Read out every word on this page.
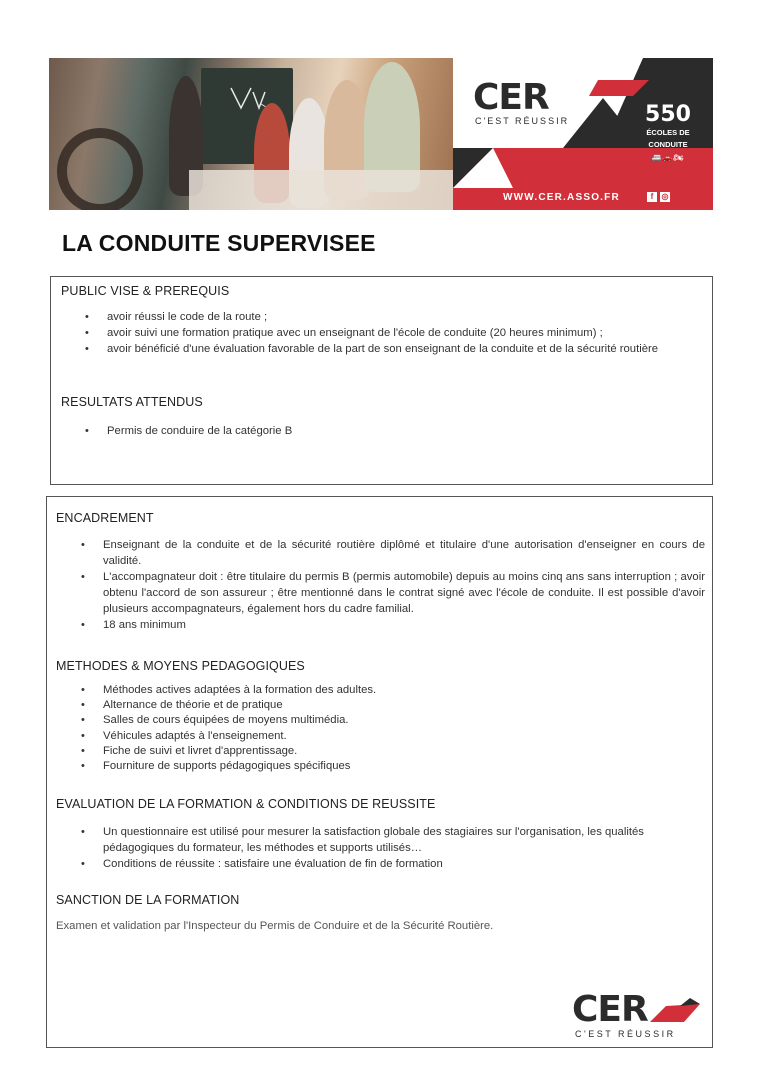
CER
C'EST RÉUSSIR	550
ÉCOLES DE
CONDUITE
🚐🚗🏍
WWW.CER.ASSO.FR	f	◎
LA CONDUITE SUPERVISEE
PUBLIC VISE & PREREQUIS
• avoir réussi le code de la route ;
• avoir suivi une formation pratique avec un enseignant de l'école de conduite (20 heures minimum) ;
• avoir bénéficié d'une évaluation favorable de la part de son enseignant de la conduite et de la sécurité routière
RESULTATS ATTENDUS
• Permis de conduire de la catégorie B
ENCADREMENT
• Enseignant de la conduite et de la sécurité routière diplômé et titulaire d'une autorisation d'enseigner en cours de validité.
• L'accompagnateur doit : être titulaire du permis B (permis automobile) depuis au moins cinq ans sans interruption ; avoir obtenu l'accord de son assureur ; être mentionné dans le contrat signé avec l'école de conduite. Il est possible d'avoir plusieurs accompagnateurs, également hors du cadre familial.
• 18 ans minimum
METHODES & MOYENS PEDAGOGIQUES
• Méthodes actives adaptées à la formation des adultes.
• Alternance de théorie et de pratique
• Salles de cours équipées de moyens multimédia.
• Véhicules adaptés à l'enseignement.
• Fiche de suivi et livret d'apprentissage.
• Fourniture de supports pédagogiques spécifiques
EVALUATION DE LA FORMATION & CONDITIONS DE REUSSITE
• Un questionnaire est utilisé pour mesurer la satisfaction globale des stagiaires sur l'organisation, les qualités pédagogiques du formateur, les méthodes et supports utilisés…
• Conditions de réussite : satisfaire une évaluation de fin de formation
SANCTION DE LA FORMATION
Examen et validation par l'Inspecteur du Permis de Conduire et de la Sécurité Routière.
CER
C'EST RÉUSSIR
